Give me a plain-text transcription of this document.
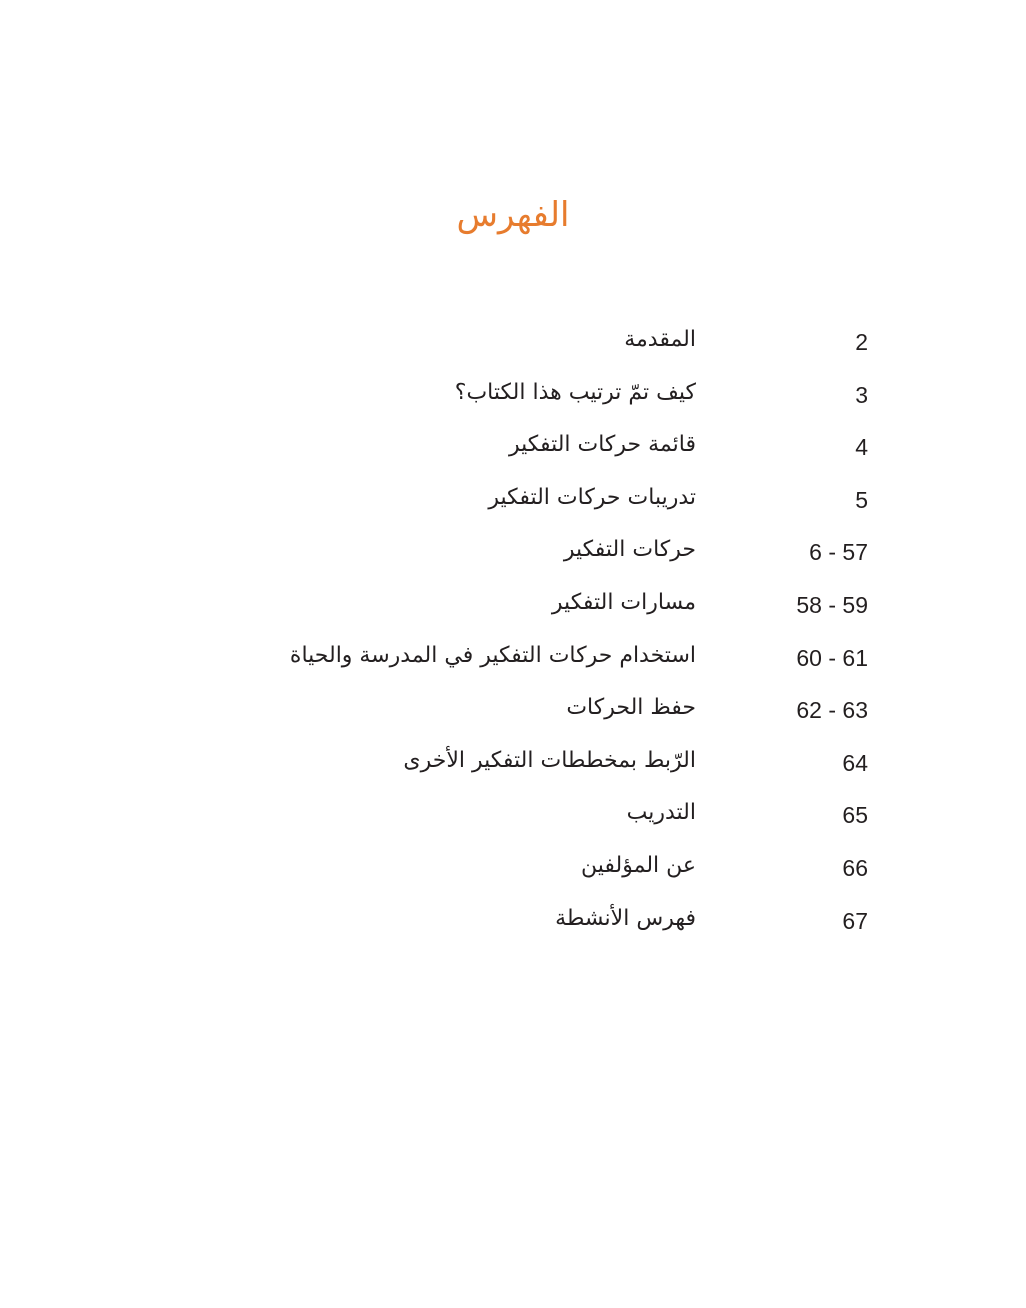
الفهرس
المقدمة	2
كيف تمّ ترتيب هذا الكتاب؟	3
قائمة حركات التفكير	4
تدريبات حركات التفكير	5
حركات التفكير	6 - 57
مسارات التفكير	58 - 59
استخدام حركات التفكير في المدرسة والحياة	60 - 61
حفظ الحركات	62 - 63
الرّبط بمخططات التفكير الأخرى	64
التدريب	65
عن المؤلفين	66
فهرس الأنشطة	67
